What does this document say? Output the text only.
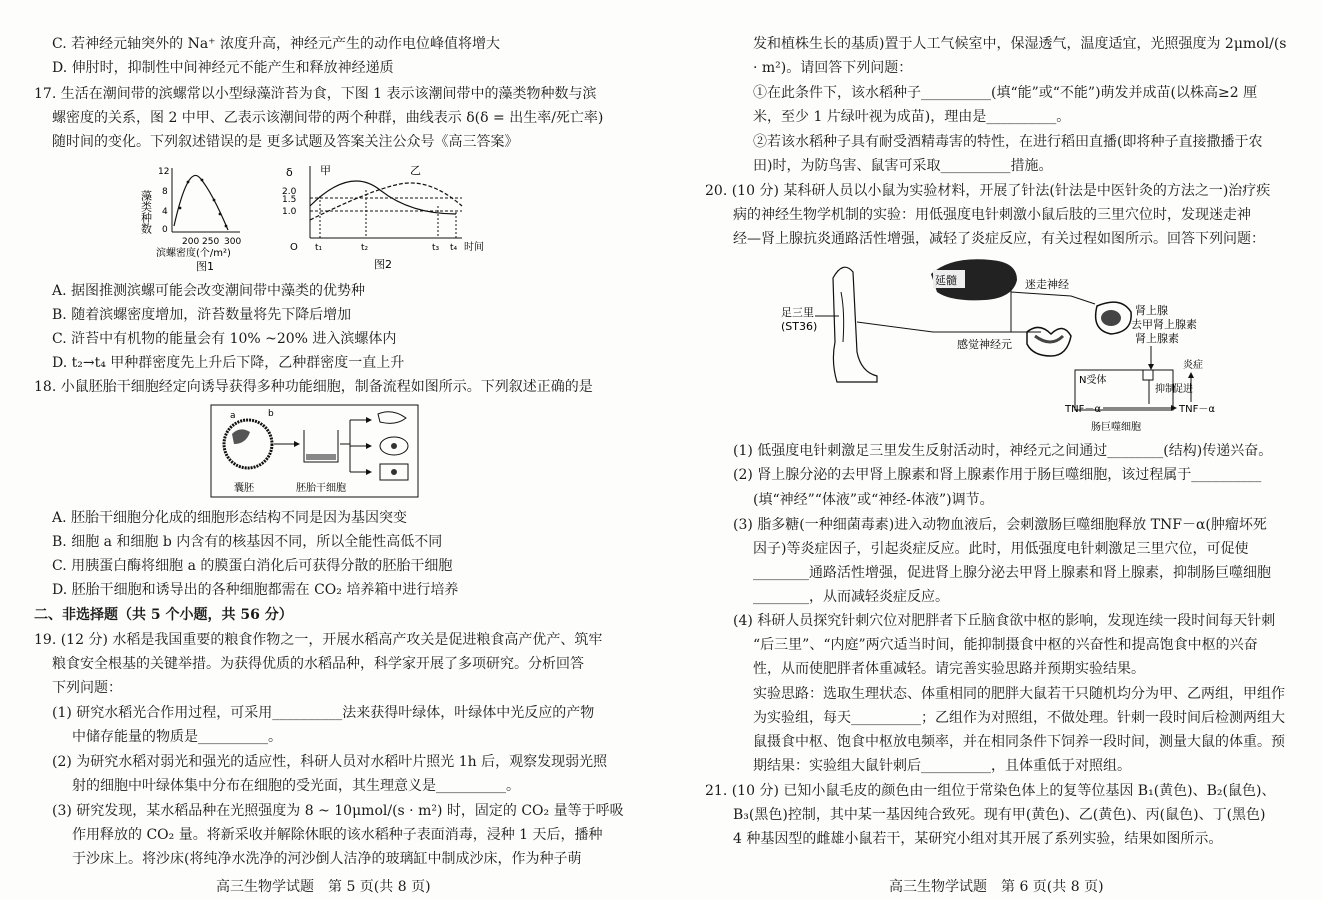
C. 若神经元轴突外的 Na⁺ 浓度升高，神经元产生的动作电位峰值将增大
D. 伸肘时，抑制性中间神经元不能产生和释放神经递质
17. 生活在潮间带的滨螺常以小型绿藻浒苔为食，下图 1 表示该潮间带中的藻类物种数与滨
螺密度的关系，图 2 中甲、乙表示该潮间带的两个种群，曲线表示 δ(δ = 出生率/死亡率)
随时间的变化。下列叙述错误的是 更多试题及答案关注公众号《高三答案》
藻类种数
12
8
4
0
200 250 300
滨螺密度(个/m²)
图1
δ
2.0
1.5
1.0
甲	乙
O t₁	t₂	t₃ t₄ 时间
图2
A. 据图推测滨螺可能会改变潮间带中藻类的优势种
B. 随着滨螺密度增加，浒苔数量将先下降后增加
C. 浒苔中有机物的能量会有 10% ~20% 进入滨螺体内
D. t₂→t₄ 甲种群密度先上升后下降，乙种群密度一直上升
18. 小鼠胚胎干细胞经定向诱导获得多种功能细胞，制备流程如图所示。下列叙述正确的是
a	b
囊胚	胚胎干细胞
A. 胚胎干细胞分化成的细胞形态结构不同是因为基因突变
B. 细胞 a 和细胞 b 内含有的核基因不同，所以全能性高低不同
C. 用胰蛋白酶将细胞 a 的膜蛋白消化后可获得分散的胚胎干细胞
D. 胚胎干细胞和诱导出的各种细胞都需在 CO₂ 培养箱中进行培养
二、非选择题（共 5 个小题，共 56 分）
19. (12 分) 水稻是我国重要的粮食作物之一，开展水稻高产攻关是促进粮食高产优产、筑牢
粮食安全根基的关键举措。为获得优质的水稻品种，科学家开展了多项研究。分析回答
下列问题：
(1) 研究水稻光合作用过程，可采用__________法来获得叶绿体，叶绿体中光反应的产物
中储存能量的物质是__________。
(2) 为研究水稻对弱光和强光的适应性，科研人员对水稻叶片照光 1h 后，观察发现弱光照
射的细胞中叶绿体集中分布在细胞的受光面，其生理意义是__________。
(3) 研究发现，某水稻品种在光照强度为 8 ~ 10μmol/(s · m²) 时，固定的 CO₂ 量等于呼吸
作用释放的 CO₂ 量。将新采收并解除休眠的该水稻种子表面消毒，浸种 1 天后，播种
于沙床上。将沙床(将纯净水洗净的河沙倒人洁净的玻璃缸中制成沙床，作为种子萌
高三生物学试题　第 5 页(共 8 页)
发和植株生长的基质)置于人工气候室中，保湿透气，温度适宜，光照强度为 2μmol/(s
· m²)。请回答下列问题：
①在此条件下，该水稻种子__________(填“能”或“不能”)萌发并成苗(以株高≥2 厘
米，至少 1 片绿叶视为成苗)，理由是__________。
②若该水稻种子具有耐受酒精毒害的特性，在进行稻田直播(即将种子直接撒播于农
田)时，为防鸟害、鼠害可采取__________措施。
20. (10 分) 某科研人员以小鼠为实验材料，开展了针法(针法是中医针灸的方法之一)治疗疾
病的神经生物学机制的实验：用低强度电针刺激小鼠后肢的三里穴位时，发现迷走神
经—肾上腺抗炎通路活性增强，减轻了炎症反应，有关过程如图所示。回答下列问题：
足三里
(ST36)
感觉神经元
延髓	迷走神经
肾上腺
去甲肾上腺素
肾上腺素
N受体
抑制
TNF－α	TNF－α
促进
炎症
肠巨噬细胞
(1) 低强度电针刺激足三里发生反射活动时，神经元之间通过________(结构)传递兴奋。
(2) 肾上腺分泌的去甲肾上腺素和肾上腺素作用于肠巨噬细胞，该过程属于__________
(填“神经”“体液”或“神经-体液”)调节。
(3) 脂多糖(一种细菌毒素)进入动物血液后，会刺激肠巨噬细胞释放 TNF－α(肿瘤坏死
因子)等炎症因子，引起炎症反应。此时，用低强度电针刺激足三里穴位，可促使
________通路活性增强，促进肾上腺分泌去甲肾上腺素和肾上腺素，抑制肠巨噬细胞
________，从而减轻炎症反应。
(4) 科研人员探究针刺穴位对肥胖者下丘脑食欲中枢的影响，发现连续一段时间每天针刺
“后三里”、“内庭”两穴适当时间，能抑制摄食中枢的兴奋性和提高饱食中枢的兴奋
性，从而使肥胖者体重减轻。请完善实验思路并预期实验结果。
实验思路：选取生理状态、体重相同的肥胖大鼠若干只随机均分为甲、乙两组，甲组作
为实验组，每天__________；乙组作为对照组，不做处理。针刺一段时间后检测两组大
鼠摄食中枢、饱食中枢放电频率，并在相同条件下饲养一段时间，测量大鼠的体重。预
期结果：实验组大鼠针刺后__________，且体重低于对照组。
21. (10 分) 已知小鼠毛皮的颜色由一组位于常染色体上的复等位基因 B₁(黄色)、B₂(鼠色)、
B₃(黑色)控制，其中某一基因纯合致死。现有甲(黄色)、乙(黄色)、丙(鼠色)、丁(黑色)
4 种基因型的雌雄小鼠若干，某研究小组对其开展了系列实验，结果如图所示。
高三生物学试题　第 6 页(共 8 页)
